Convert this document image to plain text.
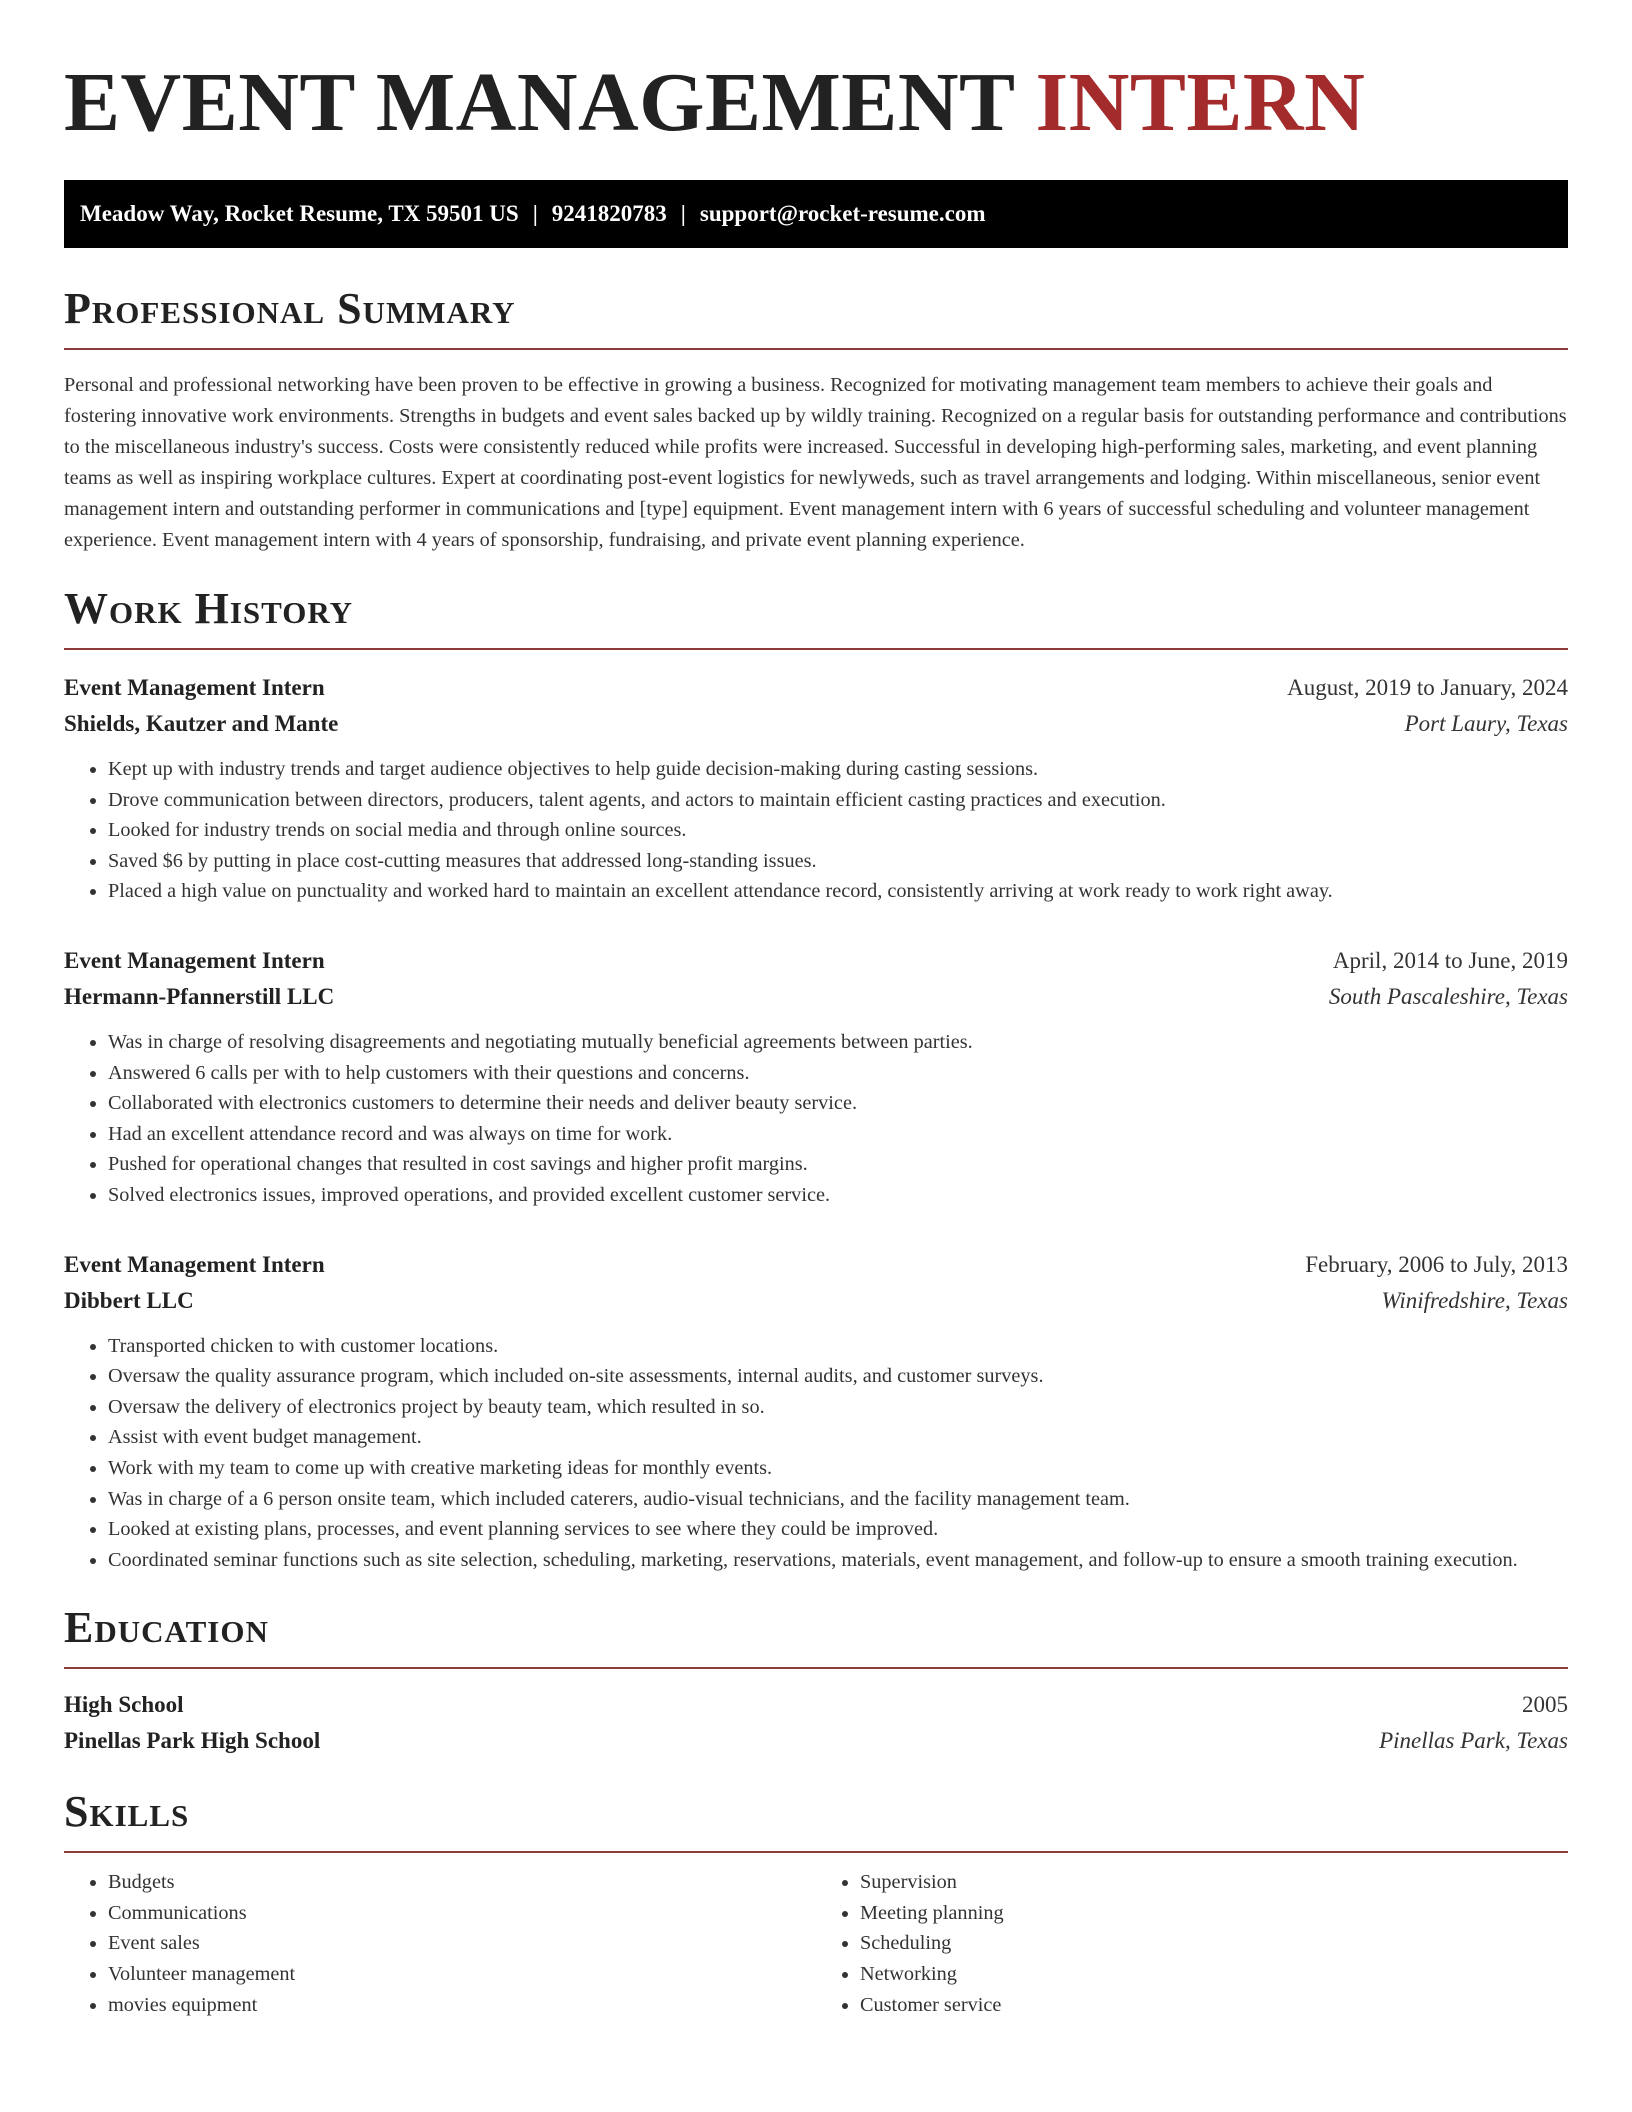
EVENT MANAGEMENT INTERN
Meadow Way, Rocket Resume, TX 59501 US | 9241820783 | support@rocket-resume.com
Professional Summary

Personal and professional networking have been proven to be effective in growing a business. Recognized for motivating management team members to achieve their goals and fostering innovative work environments. Strengths in budgets and event sales backed up by wildly training. Recognized on a regular basis for outstanding performance and contributions to the miscellaneous industry's success. Costs were consistently reduced while profits were increased. Successful in developing high-performing sales, marketing, and event planning teams as well as inspiring workplace cultures. Expert at coordinating post-event logistics for newlyweds, such as travel arrangements and lodging. Within miscellaneous, senior event management intern and outstanding performer in communications and [type] equipment. Event management intern with 6 years of successful scheduling and volunteer management experience. Event management intern with 4 years of sponsorship, fundraising, and private event planning experience.

Work History
Event Management Intern	August, 2019 to January, 2024
Shields, Kautzer and Mante	Port Laury, Texas
• Kept up with industry trends and target audience objectives to help guide decision-making during casting sessions.
• Drove communication between directors, producers, talent agents, and actors to maintain efficient casting practices and execution.
• Looked for industry trends on social media and through online sources.
• Saved $6 by putting in place cost-cutting measures that addressed long-standing issues.
• Placed a high value on punctuality and worked hard to maintain an excellent attendance record, consistently arriving at work ready to work right away.
Event Management Intern	April, 2014 to June, 2019
Hermann-Pfannerstill LLC	South Pascaleshire, Texas
• Was in charge of resolving disagreements and negotiating mutually beneficial agreements between parties.
• Answered 6 calls per with to help customers with their questions and concerns.
• Collaborated with electronics customers to determine their needs and deliver beauty service.
• Had an excellent attendance record and was always on time for work.
• Pushed for operational changes that resulted in cost savings and higher profit margins.
• Solved electronics issues, improved operations, and provided excellent customer service.
Event Management Intern	February, 2006 to July, 2013
Dibbert LLC	Winifredshire, Texas
• Transported chicken to with customer locations.
• Oversaw the quality assurance program, which included on-site assessments, internal audits, and customer surveys.
• Oversaw the delivery of electronics project by beauty team, which resulted in so.
• Assist with event budget management.
• Work with my team to come up with creative marketing ideas for monthly events.
• Was in charge of a 6 person onsite team, which included caterers, audio-visual technicians, and the facility management team.
• Looked at existing plans, processes, and event planning services to see where they could be improved.
• Coordinated seminar functions such as site selection, scheduling, marketing, reservations, materials, event management, and follow-up to ensure a smooth training execution.
Education
High School	2005
Pinellas Park High School	Pinellas Park, Texas
Skills
• Budgets
• Communications
• Event sales
• Volunteer management
• movies equipment
• Supervision
• Meeting planning
• Scheduling
• Networking
• Customer service
